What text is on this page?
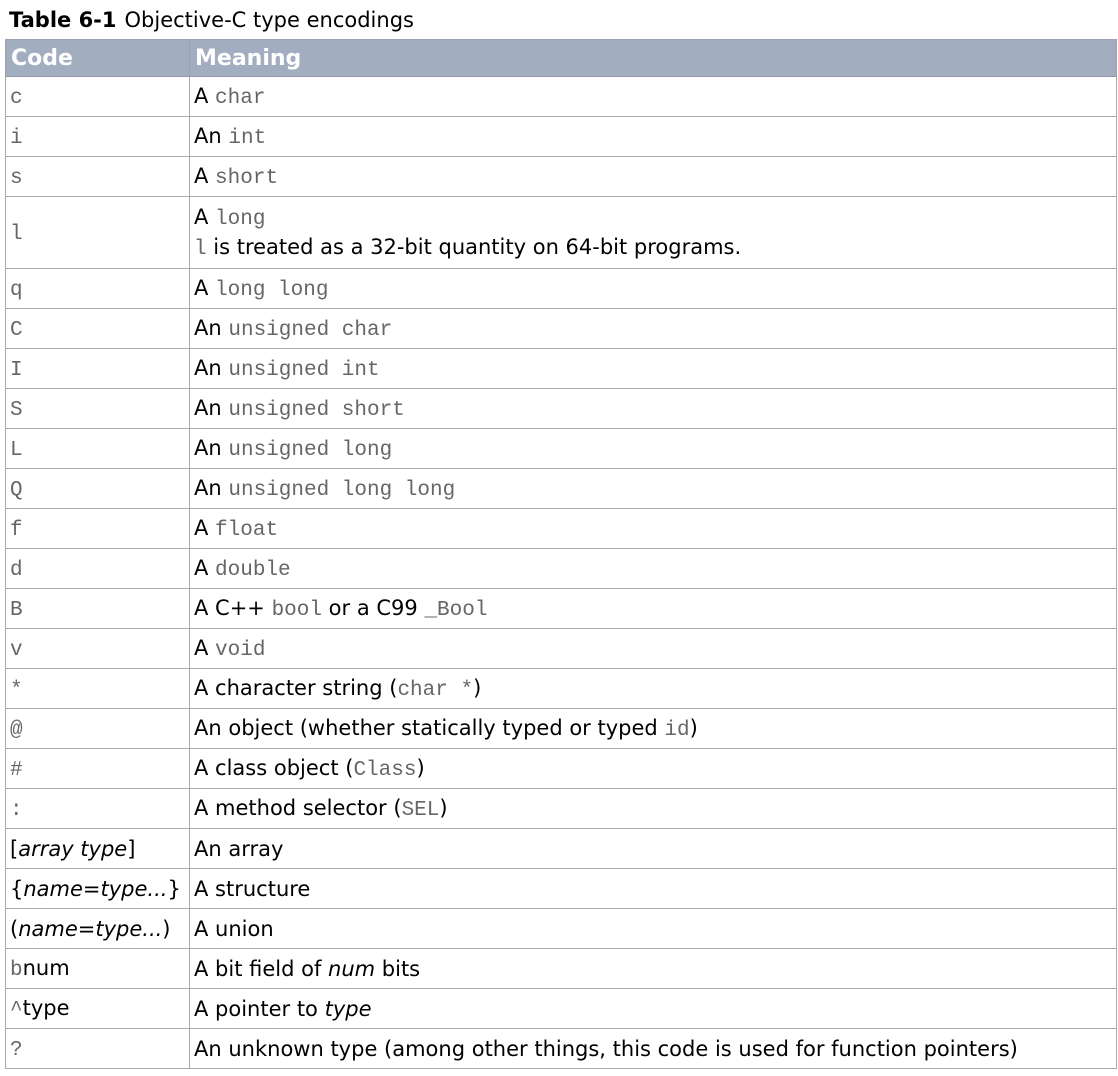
Table 6-1 Objective-C type encodings
Code	Meaning
c	A char
i	An int
s	A short
l	A long
l is treated as a 32-bit quantity on 64-bit programs.

q	A long long
C	An unsigned char
I	An unsigned int
S	An unsigned short
L	An unsigned long
Q	An unsigned long long
f	A float
d	A double
B	A C++ bool or a C99 _Bool
v	A void
*	A character string (char *)
@	An object (whether statically typed or typed id)
#	A class object (Class)
:	A method selector (SEL)
[array type]	An array
{name=type...}	A structure
(name=type...)	A union
bnum	A bit field of num bits
^type	A pointer to type
?	An unknown type (among other things, this code is used for function pointers)
